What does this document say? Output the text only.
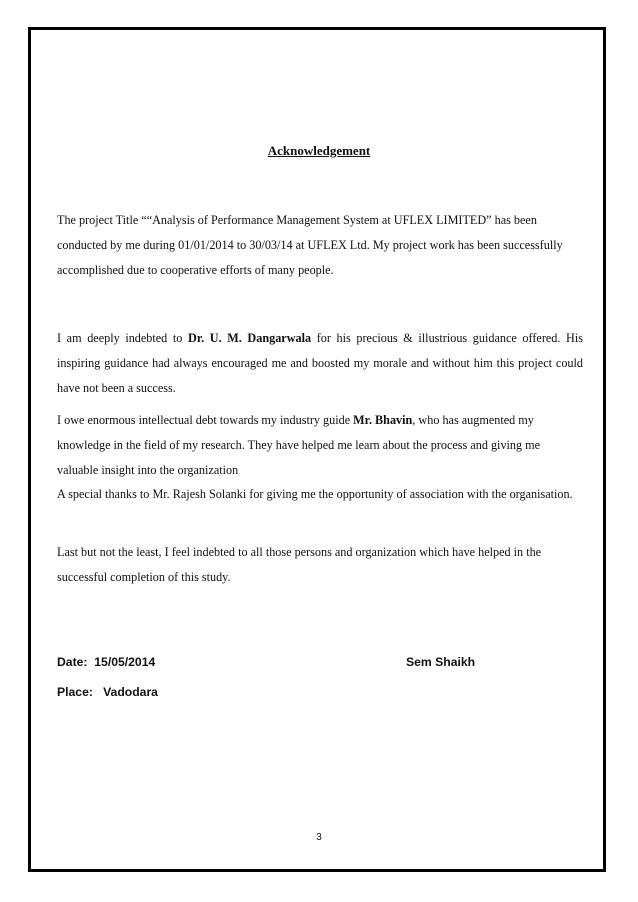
Acknowledgement

The project Title ““Analysis of Performance Management System at UFLEX LIMITED” has been conducted by me during 01/01/2014 to 30/03/14 at UFLEX Ltd. My project work has been successfully accomplished due to cooperative efforts of many people.

I am deeply indebted to Dr. U. M. Dangarwala for his precious & illustrious guidance offered. His inspiring guidance had always encouraged me and boosted my morale and without him this project could have not been a success.

I owe enormous intellectual debt towards my industry guide Mr. Bhavin, who has augmented my knowledge in the field of my research. They have helped me learn about the process and giving me valuable insight into the organization

A special thanks to Mr. Rajesh Solanki for giving me the opportunity of association with the organisation.

Last but not the least, I feel indebted to all those persons and organization which have helped in the successful completion of this study.

Date: 15/05/2014	Sem Shaikh
Place: Vadodara
3
